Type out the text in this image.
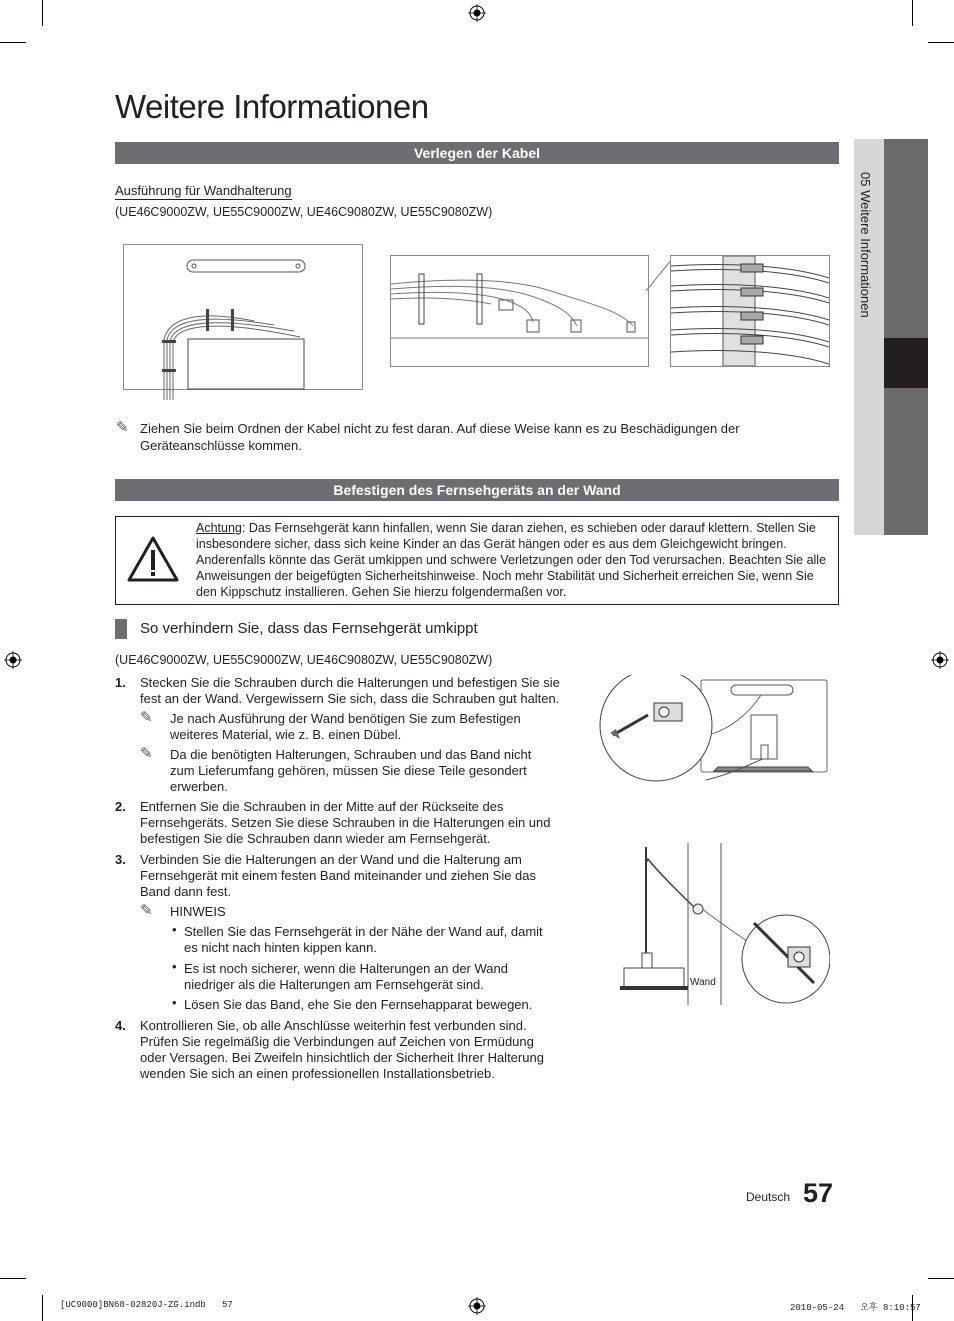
Weitere Informationen
05 Weitere Informationen
Verlegen der Kabel
Ausführung für Wandhalterung
(UE46C9000ZW, UE55C9000ZW, UE46C9080ZW, UE55C9080ZW)
✎ Ziehen Sie beim Ordnen der Kabel nicht zu fest daran. Auf diese Weise kann es zu Beschädigungen der
Geräteanschlüsse kommen.
Befestigen des Fernsehgeräts an der Wand
Achtung: Das Fernsehgerät kann hinfallen, wenn Sie daran ziehen, es schieben oder darauf klettern. Stellen Sie insbesondere sicher, dass sich keine Kinder an das Gerät hängen oder es aus dem Gleichgewicht bringen. Anderenfalls könnte das Gerät umkippen und schwere Verletzungen oder den Tod verursachen. Beachten Sie alle Anweisungen der beigefügten Sicherheitshinweise. Noch mehr Stabilität und Sicherheit erreichen Sie, wenn Sie den Kippschutz installieren. Gehen Sie hierzu folgendermaßen vor.
So verhindern Sie, dass das Fernsehgerät umkippt
(UE46C9000ZW, UE55C9000ZW, UE46C9080ZW, UE55C9080ZW)
1. Stecken Sie die Schrauben durch die Halterungen und befestigen Sie sie fest an der Wand. Vergewissern Sie sich, dass die Schrauben gut halten.
✎ Je nach Ausführung der Wand benötigen Sie zum Befestigen weiteres Material, wie z. B. einen Dübel.
✎ Da die benötigten Halterungen, Schrauben und das Band nicht zum Lieferumfang gehören, müssen Sie diese Teile gesondert erwerben.
2. Entfernen Sie die Schrauben in der Mitte auf der Rückseite des Fernsehgeräts. Setzen Sie diese Schrauben in die Halterungen ein und befestigen Sie die Schrauben dann wieder am Fernsehgerät.
3. Verbinden Sie die Halterungen an der Wand und die Halterung am Fernsehgerät mit einem festen Band miteinander und ziehen Sie das Band dann fest.
✎ HINWEIS
• Stellen Sie das Fernsehgerät in der Nähe der Wand auf, damit es nicht nach hinten kippen kann.
• Es ist noch sicherer, wenn die Halterungen an der Wand niedriger als die Halterungen am Fernsehgerät sind.
• Lösen Sie das Band, ehe Sie den Fernsehapparat bewegen.
4. Kontrollieren Sie, ob alle Anschlüsse weiterhin fest verbunden sind. Prüfen Sie regelmäßig die Verbindungen auf Zeichen von Ermüdung oder Versagen. Bei Zweifeln hinsichtlich der Sicherheit Ihrer Halterung wenden Sie sich an einen professionellen Installationsbetrieb.
Wand
Deutsch 57
[UC9000]BN68-02820J-ZG.indb   57	2010-05-24   오후 8:10:57
